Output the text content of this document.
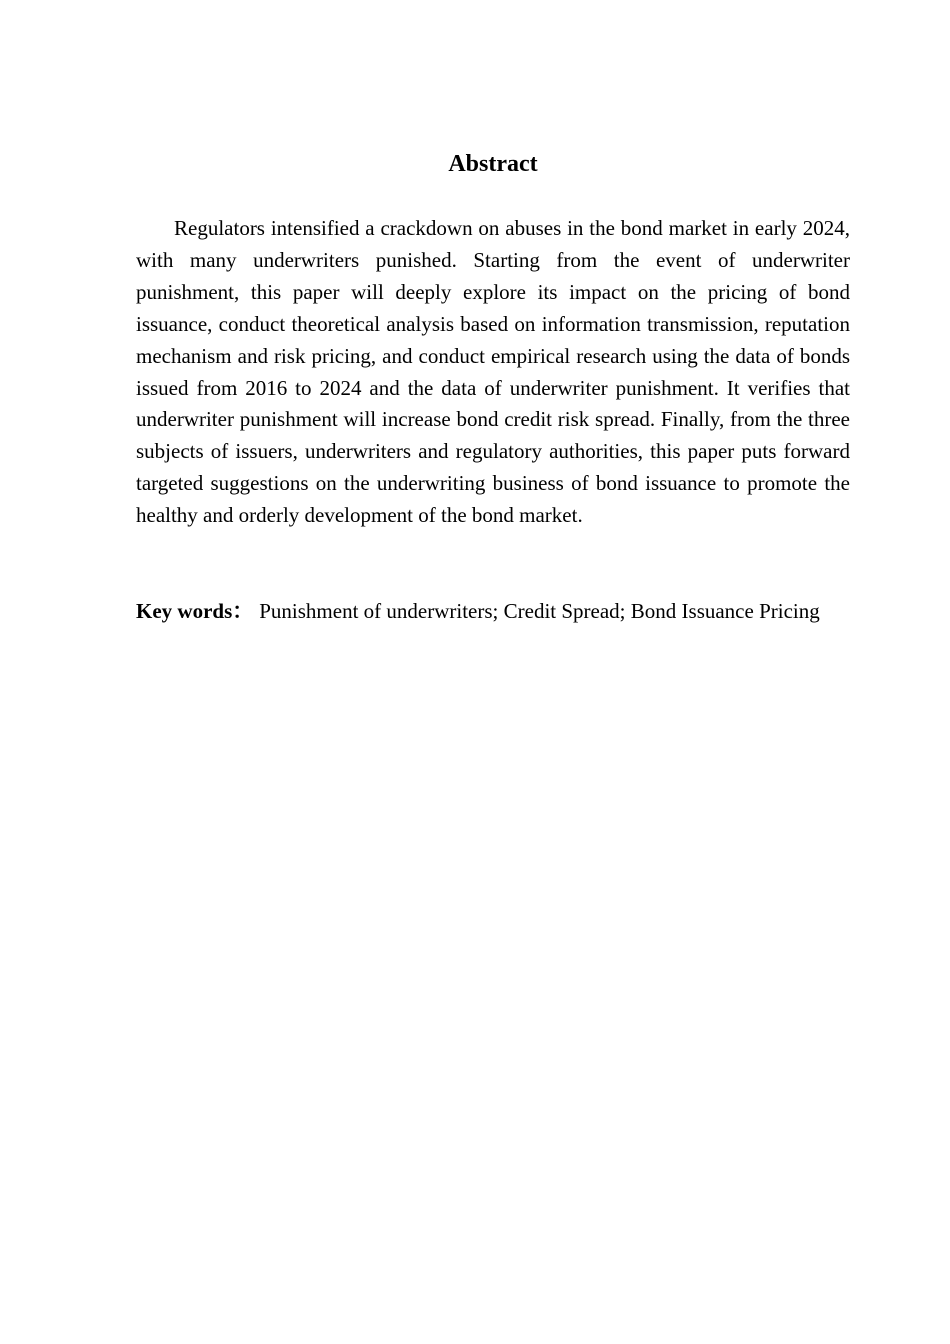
Abstract

Regulators intensified a crackdown on abuses in the bond market in early 2024, with many underwriters punished. Starting from the event of underwriter punishment, this paper will deeply explore its impact on the pricing of bond issuance, conduct theoretical analysis based on information transmission, reputation mechanism and risk pricing, and conduct empirical research using the data of bonds issued from 2016 to 2024 and the data of underwriter punishment. It verifies that underwriter punishment will increase bond credit risk spread. Finally, from the three subjects of issuers, underwriters and regulatory authorities, this paper puts forward targeted suggestions on the underwriting business of bond issuance to promote the healthy and orderly development of the bond market.

Key words： Punishment of underwriters; Credit Spread; Bond Issuance Pricing
